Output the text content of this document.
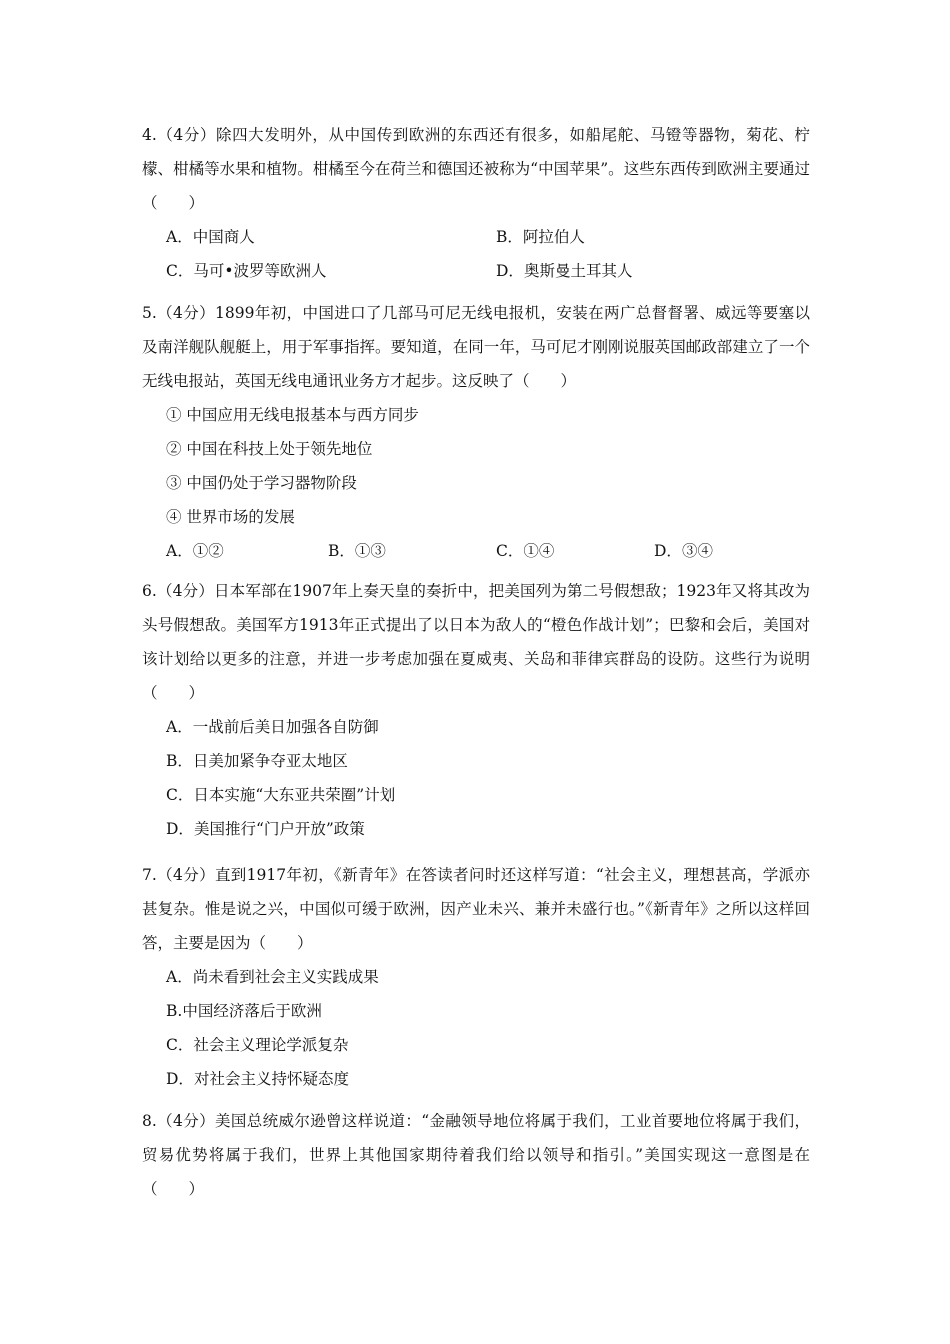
4.（4分）除四大发明外，从中国传到欧洲的东西还有很多，如船尾舵、马镫等器物，菊花、柠檬、柑橘等水果和植物。柑橘至今在荷兰和德国还被称为“中国苹果”。这些东西传到欧洲主要通过（　　）

A．中国商人	B．阿拉伯人
C．马可•波罗等欧洲人	D．奥斯曼土耳其人

5.（4分）1899年初，中国进口了几部马可尼无线电报机，安装在两广总督督署、威远等要塞以及南洋舰队舰艇上，用于军事指挥。要知道，在同一年，马可尼才刚刚说服英国邮政部建立了一个无线电报站，英国无线电通讯业务方才起步。这反映了（　　）

① 中国应用无线电报基本与西方同步
② 中国在科技上处于领先地位
③ 中国仍处于学习器物阶段
④ 世界市场的发展
A．①②	B．①③	C．①④	D．③④

6.（4分）日本军部在1907年上奏天皇的奏折中，把美国列为第二号假想敌；1923年又将其改为头号假想敌。美国军方1913年正式提出了以日本为敌人的“橙色作战计划”；巴黎和会后，美国对该计划给以更多的注意，并进一步考虑加强在夏威夷、关岛和菲律宾群岛的设防。这些行为说明（　　）

A．一战前后美日加强各自防御
B．日美加紧争夺亚太地区
C．日本实施“大东亚共荣圈”计划
D．美国推行“门户开放”政策

7.（4分）直到1917年初，《新青年》在答读者问时还这样写道：“社会主义，理想甚高，学派亦甚复杂。惟是说之兴，中国似可缓于欧洲，因产业未兴、兼并未盛行也。”《新青年》之所以这样回答，主要是因为（　　）

A．尚未看到社会主义实践成果
B.中国经济落后于欧洲
C．社会主义理论学派复杂
D．对社会主义持怀疑态度

8.（4分）美国总统威尔逊曾这样说道：“金融领导地位将属于我们，工业首要地位将属于我们，贸易优势将属于我们，世界上其他国家期待着我们给以领导和指引。”美国实现这一意图是在（　　）
